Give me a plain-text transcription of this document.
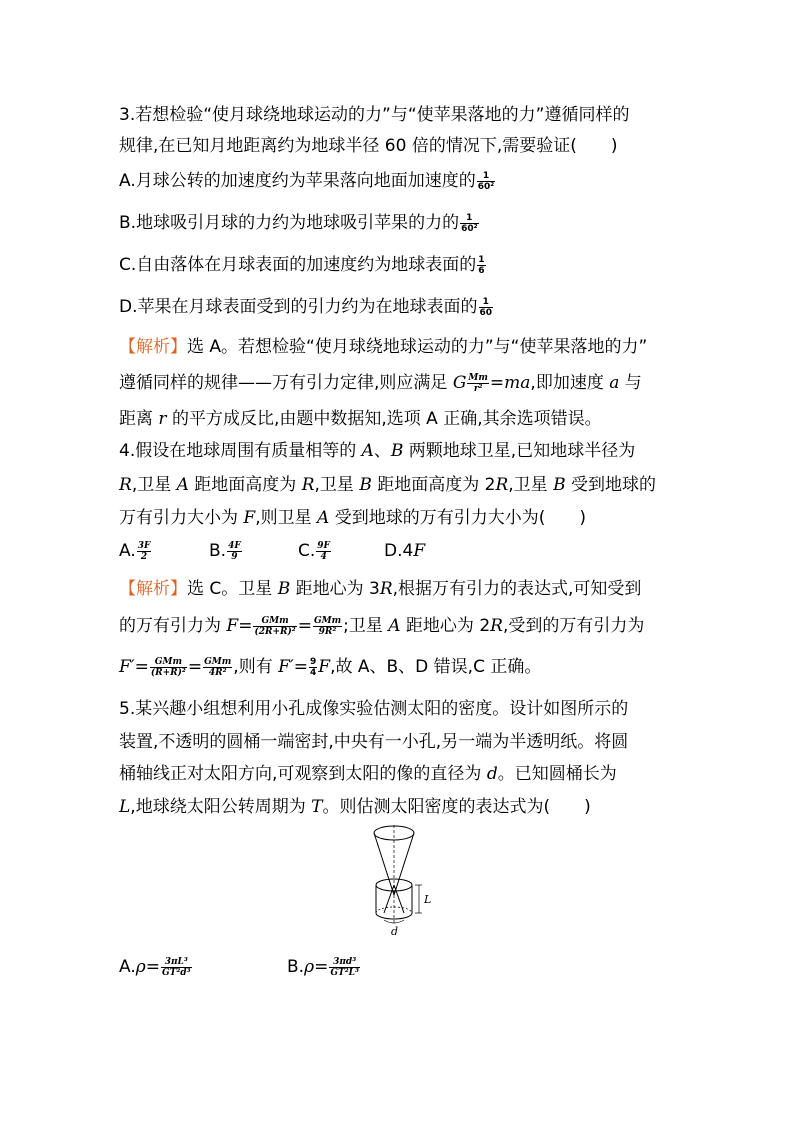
3.若想检验“使月球绕地球运动的力”与“使苹果落地的力”遵循同样的
规律,在已知月地距离约为地球半径 60 倍的情况下,需要验证(　　)
A.月球公转的加速度约为苹果落向地面加速度的 $\frac{1}{\text{60²}}$
B.地球吸引月球的力约为地球吸引苹果的力的 $\frac{1}{\text{60²}}$
C.自由落体在月球表面的加速度约为地球表面的 $\frac{1}{6}$
D.苹果在月球表面受到的引力约为在地球表面的 $\frac{1}{60}$
【解析】选 A。若想检验“使月球绕地球运动的力”与“使苹果落地的力”
遵循同样的规律——万有引力定律,则应满足 G $\frac{Mm}{\text{r²}} =ma$,即加速度 a 与
距离 r 的平方成反比,由题中数据知,选项 A 正确,其余选项错误。
4.假设在地球周围有质量相等的 A、B 两颗地球卫星,已知地球半径为
R,卫星 A 距地面高度为 R,卫星 B 距地面高度为 2R,卫星 B 受到地球的
万有引力大小为 F,则卫星 A 受到地球的万有引力大小为(　　)
A. $\frac{3F}{2}$	B. $\frac{4F}{9}$	C. $\frac{9F}{4}$	D.4F
【解析】选 C。卫星 B 距地心为 3R,根据万有引力的表达式,可知受到
的万有引力为 $F= \frac{\text{GMm}}{\text{(2R+R)²}} = \frac{\text{GMm}}{\text{9R²}}$ ;卫星 A 距地心为 2R,受到的万有引力为
$F'= \frac{\text{GMm}}{\text{(R+R)²}} = \frac{\text{GMm}}{\text{4R²}}$ ,则有 $F'= \frac{9}{4} F$,故 A、B、D 错误,C 正确。
5.某兴趣小组想利用小孔成像实验估测太阳的密度。设计如图所示的
装置,不透明的圆桶一端密封,中央有一小孔,另一端为半透明纸。将圆
桶轴线正对太阳方向,可观察到太阳的像的直径为 d。已知圆桶长为
L,地球绕太阳公转周期为 T。则估测太阳密度的表达式为(　　)
L
d
$A.\rho= \frac{\text{3πL³}}{\text{GT²d³}}$	$B.\rho= \frac{\text{3πd³}}{\text{GT²L³}}$
